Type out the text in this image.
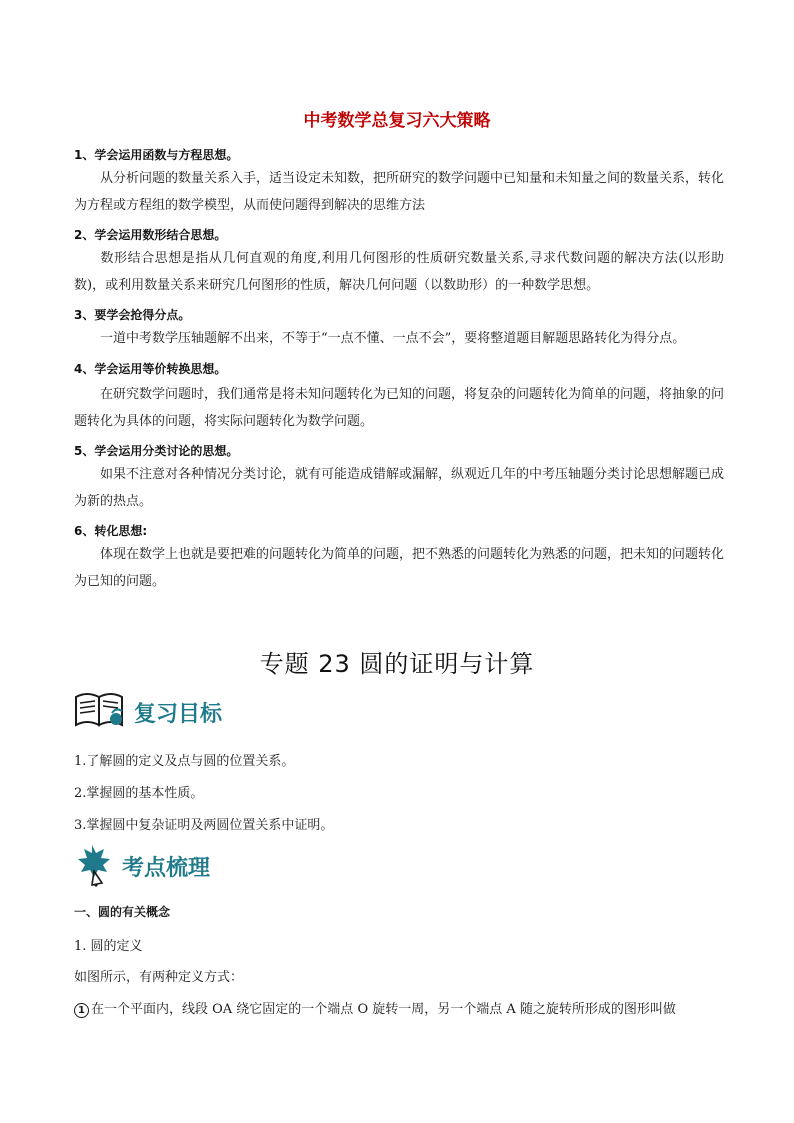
中考数学总复习六大策略
1、学会运用函数与方程思想。
从分析问题的数量关系入手，适当设定未知数，把所研究的数学问题中已知量和未知量之间的数量关系，转化为方程或方程组的数学模型，从而使问题得到解决的思维方法
2、学会运用数形结合思想。
数形结合思想是指从几何直观的角度,利用几何图形的性质研究数量关系,寻求代数问题的解决方法(以形助数)，或利用数量关系来研究几何图形的性质，解决几何问题（以数助形）的一种数学思想。
3、要学会抢得分点。
一道中考数学压轴题解不出来，不等于“一点不懂、一点不会”，要将整道题目解题思路转化为得分点。
4、学会运用等价转换思想。
在研究数学问题时，我们通常是将未知问题转化为已知的问题，将复杂的问题转化为简单的问题，将抽象的问题转化为具体的问题，将实际问题转化为数学问题。
5、学会运用分类讨论的思想。
如果不注意对各种情况分类讨论，就有可能造成错解或漏解，纵观近几年的中考压轴题分类讨论思想解题已成为新的热点。
6、转化思想:
体现在数学上也就是要把难的问题转化为简单的问题，把不熟悉的问题转化为熟悉的问题，把未知的问题转化为已知的问题。
专题 23 圆的证明与计算
复习目标
1.了解圆的定义及点与圆的位置关系。
2.掌握圆的基本性质。
3.掌握圆中复杂证明及两圆位置关系中证明。
考点梳理
一、圆的有关概念
1. 圆的定义
如图所示，有两种定义方式：
1 在一个平面内，线段 OA 绕它固定的一个端点 O 旋转一周，另一个端点 A 随之旋转所形成的图形叫做
